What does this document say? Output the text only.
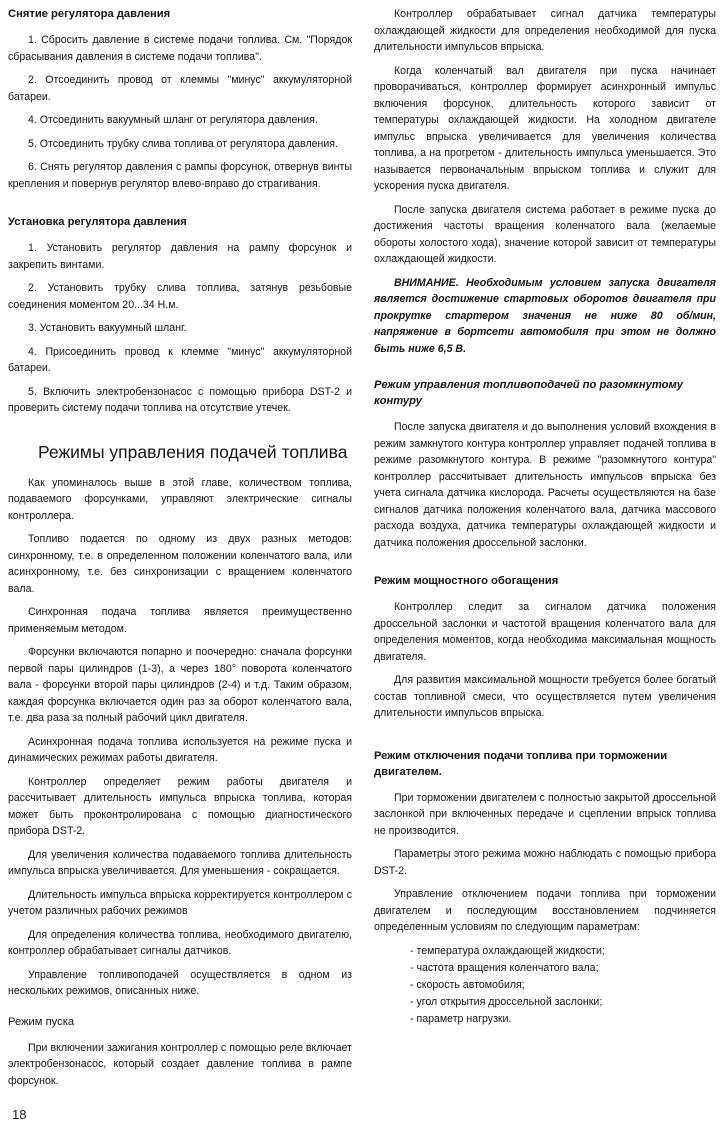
Снятие регулятора давления
1. Сбросить давление в системе подачи топлива. См. "Порядок сбрасывания давления в системе подачи топлива".
2. Отсоединить провод от клеммы "минус" аккумуляторной батареи.
4. Отсоединить вакуумный шланг от регулятора давления.
5. Отсоединить трубку слива топлива от регулятора давления.
6. Снять регулятор давления с рампы форсунок, отвернув винты крепления и повернув регулятор влево-вправо до страгивания.
Установка регулятора давления
1. Установить регулятор давления на рампу форсунок и закрепить винтами.
2. Установить трубку слива топлива, затянув резьбовые соединения моментом 20...34 Н.м.
3. Установить вакуумный шланг.
4. Присоединить провод к клемме "минус" аккумуляторной батареи.
5. Включить электробензонасос с помощью прибора DST-2 и проверить систему подачи топлива на отсутствие утечек.
Режимы управления подачей топлива
Как упоминалось выше в этой главе, количеством топлива, подаваемого форсунками, управляют электрические сигналы контроллера.
Топливо подается по одному из двух разных методов: синхронному, т.е. в определенном положении коленчатого вала, или асинхронному, т.е. без синхронизации с вращением коленчатого вала.
Синхронная подача топлива является преимущественно применяемым методом.
Форсунки включаются попарно и поочередно: сначала форсунки первой пары цилиндров (1-3), а через 180° поворота коленчатого вала - форсунки второй пары цилиндров (2-4) и т.д. Таким образом, каждая форсунка включается один раз за оборот коленчатого вала, т.е. два раза за полный рабочий цикл двигателя.
Асинхронная подача топлива используется на режиме пуска и динамических режимах работы двигателя.
Контроллер определяет режим работы двигателя и рассчитывает длительность импульса впрыска топлива, которая может быть проконтролирована с помощью диагностического прибора DST-2.
Для увеличения количества подаваемого топлива длительность импульса впрыска увеличивается. Для уменьшения - сокращается.
Длительность импульса впрыска корректируется контроллером с учетом различных рабочих режимов
Для определения количества топлива, необходимого двигателю, контроллер обрабатывает сигналы датчиков.
Управление топливоподачей осуществляется в одном из нескольких режимов, описанных ниже.
Режим пуска
При включении зажигания контроллер с помощью реле включает электробензонасос, который создает давление топлива в рампе форсунок.
Контроллер обрабатывает сигнал датчика температуры охлаждающей жидкости для определения необходимой для пуска длительности импульсов впрыска.
Когда коленчатый вал двигателя при пуска начинает проворачиваться, контроллер формирует асинхронный импульс включения форсунок, длительность которого зависит от температуры охлаждающей жидкости. На холодном двигателе импульс впрыска увеличивается для увеличения количества топлива, а на прогретом - длительность импульса уменьшается. Это называется первоначальным впрыском топлива и служит для ускорения пуска двигателя.
После запуска двигателя система работает в режиме пуска до достижения частоты вращения коленчатого вала (желаемые обороты холостого хода), значение которой зависит от температуры охлаждающей жидкости.
ВНИМАНИЕ. Необходимым условием запуска двигателя является достижение стартовых оборотов двигателя при прокрутке стартером значения не ниже 80 об/мин, напряжение в бортсети автомобиля при этом не должно быть ниже 6,5 В.
Режим управления топливоподачей по разомкнутому контуру
После запуска двигателя и до выполнения условий вхождения в режим замкнутого контура контроллер управляет подачей топлива в режиме разомкнутого контура. В режиме "разомкнутого контура" контроллер рассчитывает длительность импульсов впрыска без учета сигнала датчика кислорода. Расчеты осуществляются на базе сигналов датчика положения коленчатого вала, датчика массового расхода воздуха, датчика температуры охлаждающей жидкости и датчика положения дроссельной заслонки.
Режим мощностного обогащения
Контроллер следит за сигналом датчика положения дроссельной заслонки и частотой вращения коленчатого вала для определения моментов, когда необходима максимальная мощность двигателя.
Для развития максимальной мощности требуется более богатый состав топливной смеси, что осуществляется путем увеличения длительности импульсов впрыска.
Режим отключения подачи топлива при торможении двигателем.
При торможении двигателем с полностью закрытой дроссельной заслонкой при включенных передаче и сцеплении впрыск топлива не производится.
Параметры этого режима можно наблюдать с помощью прибора DST-2.
Управление отключением подачи топлива при торможении двигателем и последующим восстановлением подчиняется определенным условиям по следующим параметрам:
- температура охлаждающей жидкости;
- частота вращения коленчатого вала;
- скорость автомобиля;
- угол открытия дроссельной заслонки;
- параметр нагрузки.
18
